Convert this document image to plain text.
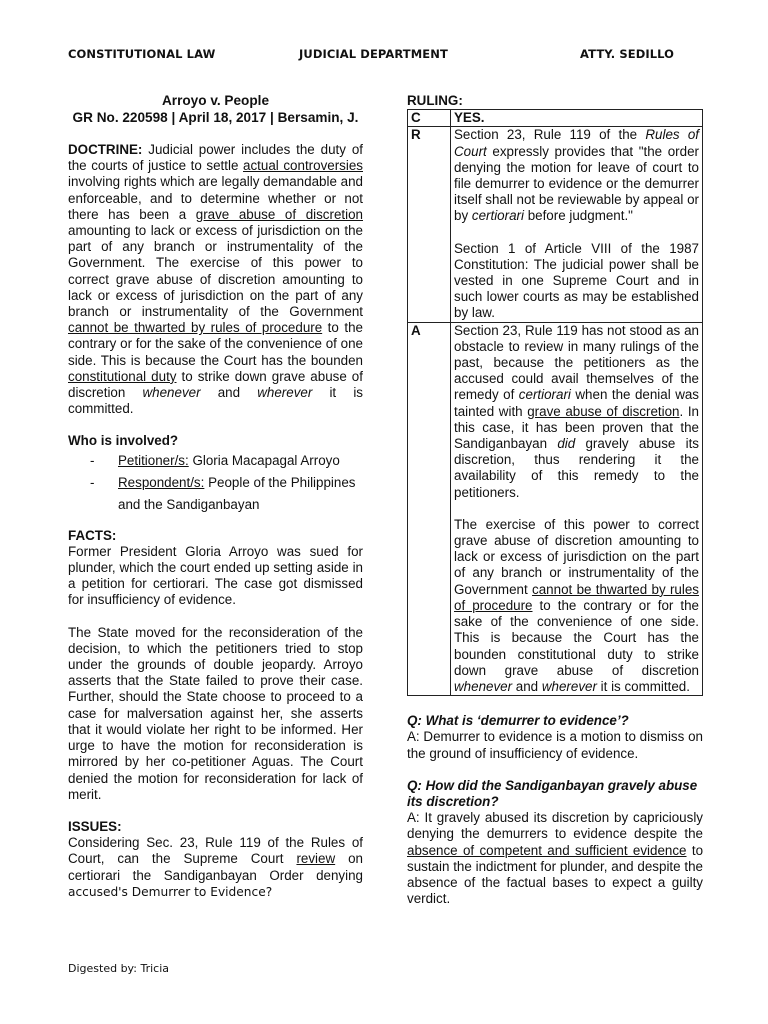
CONSTITUTIONAL LAW	JUDICIAL DEPARTMENT	ATTY. SEDILLO
Arroyo v. People
GR No. 220598 | April 18, 2017 | Bersamin, J.
DOCTRINE: Judicial power includes the duty of the courts of justice to settle actual controversies involving rights which are legally demandable and enforceable, and to determine whether or not there has been a grave abuse of discretion amounting to lack or excess of jurisdiction on the part of any branch or instrumentality of the Government. The exercise of this power to correct grave abuse of discretion amounting to lack or excess of jurisdiction on the part of any branch or instrumentality of the Government cannot be thwarted by rules of procedure to the contrary or for the sake of the convenience of one side. This is because the Court has the bounden constitutional duty to strike down grave abuse of discretion whenever and wherever it is committed.
Who is involved?
- Petitioner/s: Gloria Macapagal Arroyo
- Respondent/s: People of the Philippines and the Sandiganbayan
FACTS:
Former President Gloria Arroyo was sued for plunder, which the court ended up setting aside in a petition for certiorari. The case got dismissed for insufficiency of evidence.
The State moved for the reconsideration of the decision, to which the petitioners tried to stop under the grounds of double jeopardy. Arroyo asserts that the State failed to prove their case. Further, should the State choose to proceed to a case for malversation against her, she asserts that it would violate her right to be informed. Her urge to have the motion for reconsideration is mirrored by her co-petitioner Aguas. The Court denied the motion for reconsideration for lack of merit.
ISSUES:
Considering Sec. 23, Rule 119 of the Rules of Court, can the Supreme Court review on certiorari the Sandiganbayan Order denying accused's Demurrer to Evidence?
RULING:
C	YES.
R	Section 23, Rule 119 of the Rules of Court expressly provides that "the order denying the motion for leave of court to file demurrer to evidence or the demurrer itself shall not be reviewable by appeal or by certiorari before judgment."
Section 1 of Article VIII of the 1987 Constitution: The judicial power shall be vested in one Supreme Court and in such lower courts as may be established by law.

A	Section 23, Rule 119 has not stood as an obstacle to review in many rulings of the past, because the petitioners as the accused could avail themselves of the remedy of certiorari when the denial was tainted with grave abuse of discretion. In this case, it has been proven that the Sandiganbayan did gravely abuse its discretion, thus rendering it the availability of this remedy to the petitioners.
The exercise of this power to correct grave abuse of discretion amounting to lack or excess of jurisdiction on the part of any branch or instrumentality of the Government cannot be thwarted by rules of procedure to the contrary or for the sake of the convenience of one side. This is because the Court has the bounden constitutional duty to strike down grave abuse of discretion whenever and wherever it is committed.
Q: What is ‘demurrer to evidence’?
A: Demurrer to evidence is a motion to dismiss on the ground of insufficiency of evidence.
Q: How did the Sandiganbayan gravely abuse its discretion?
A: It gravely abused its discretion by capriciously denying the demurrers to evidence despite the absence of competent and sufficient evidence to sustain the indictment for plunder, and despite the absence of the factual bases to expect a guilty verdict.
Digested by: Tricia
